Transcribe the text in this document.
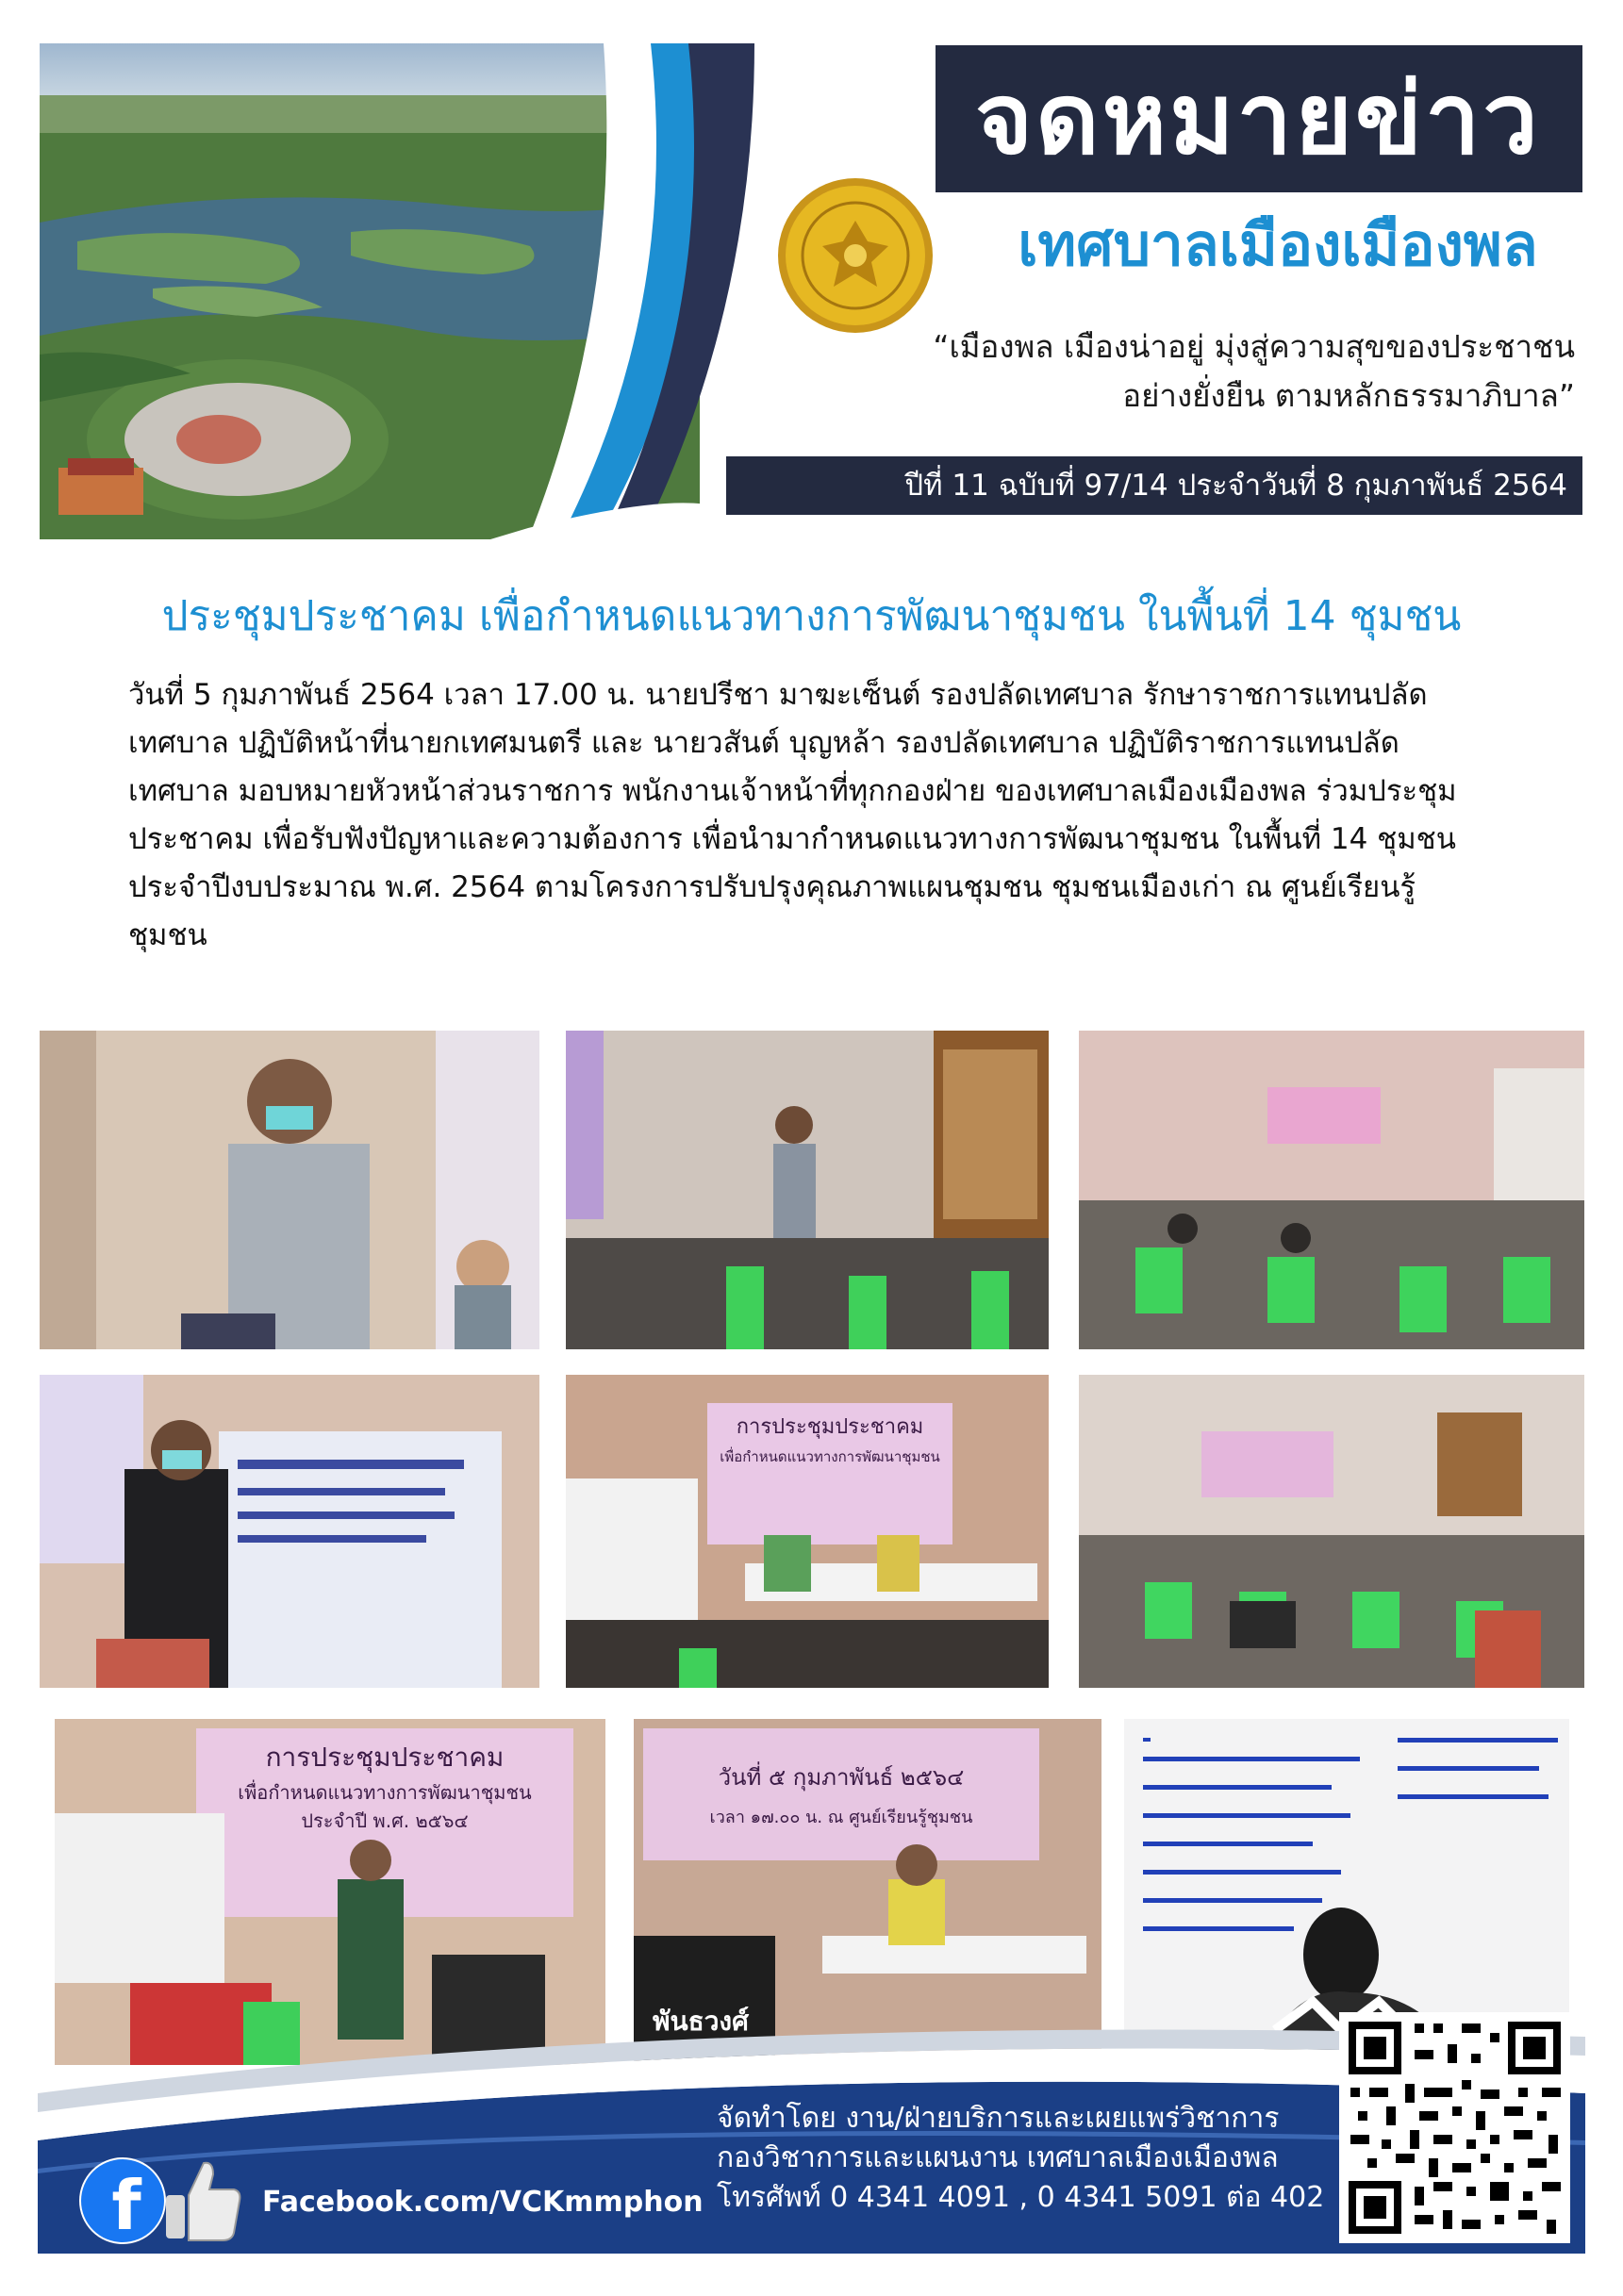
จดหมายข่าว
เทศบาลเมืองเมืองพล
“เมืองพล เมืองน่าอยู่ มุ่งสู่ความสุขของประชาชน
อย่างยั่งยืน ตามหลักธรรมาภิบาล”
ปีที่ 11 ฉบับที่ 97/14 ประจำวันที่ 8 กุมภาพันธ์ 2564
ประชุมประชาคม เพื่อกำหนดแนวทางการพัฒนาชุมชน ในพื้นที่ 14 ชุมชน
วันที่ 5 กุมภาพันธ์ 2564 เวลา 17.00 น. นายปรีชา มาฆะเซ็นต์ รองปลัดเทศบาล รักษาราชการแทนปลัด
เทศบาล ปฏิบัติหน้าที่นายกเทศมนตรี และ นายวสันต์ บุญหล้า รองปลัดเทศบาล ปฏิบัติราชการแทนปลัด
เทศบาล มอบหมายหัวหน้าส่วนราชการ พนักงานเจ้าหน้าที่ทุกกองฝ่าย ของเทศบาลเมืองเมืองพล ร่วมประชุม
ประชาคม เพื่อรับฟังปัญหาและความต้องการ เพื่อนำมากำหนดแนวทางการพัฒนาชุมชน ในพื้นที่ 14 ชุมชน
ประจำปีงบประมาณ พ.ศ. 2564 ตามโครงการปรับปรุงคุณภาพแผนชุมชน ชุมชนเมืองเก่า ณ ศูนย์เรียนรู้
ชุมชน
การประชุมประชาคม
เพื่อกำหนดแนวทางการพัฒนาชุมชน
การประชุมประชาคม
เพื่อกำหนดแนวทางการพัฒนาชุมชน
ประจำปี พ.ศ. ๒๕๖๔
วันที่ ๕ กุมภาพันธ์ ๒๕๖๔
เวลา ๑๗.๐๐ น. ณ ศูนย์เรียนรู้ชุมชน
พันธวงศ์
จัดทำโดย งาน/ฝ่ายบริการและเผยแพร่วิชาการ
กองวิชาการและแผนงาน เทศบาลเมืองเมืองพล
โทรศัพท์ 0 4341 4091 , 0 4341 5091 ต่อ 402
f	Facebook.com/VCKmmphon
